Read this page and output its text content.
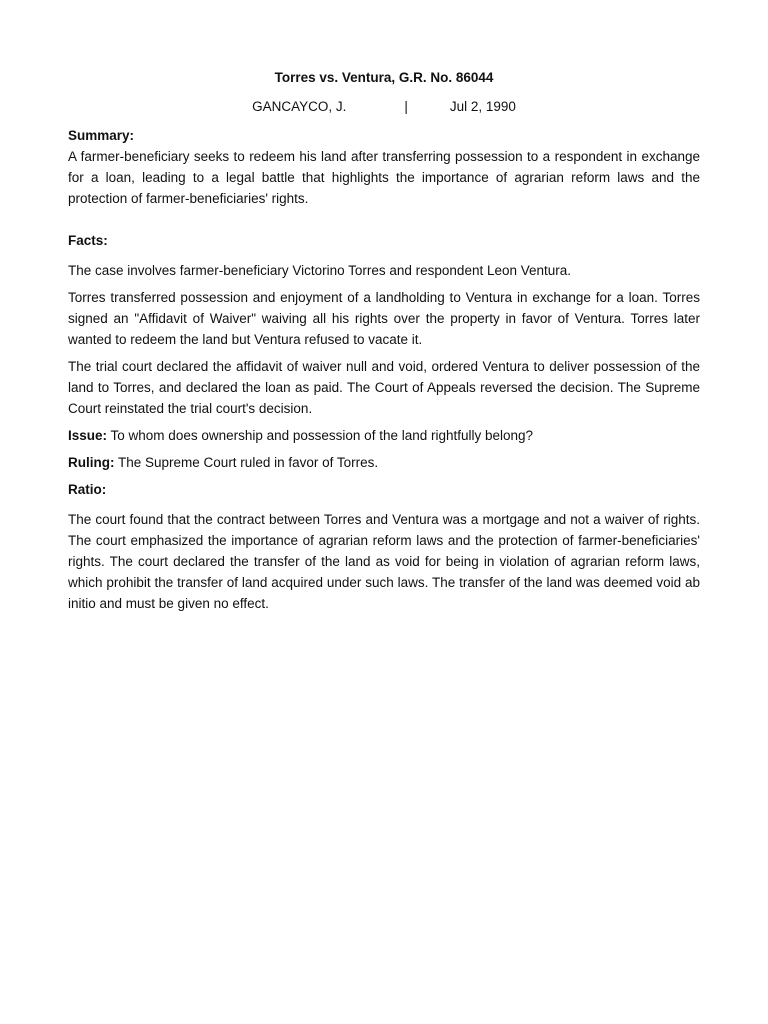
Torres vs. Ventura, G.R. No. 86044
GANCAYCO, J.	|	Jul 2, 1990
Summary:

A farmer-beneficiary seeks to redeem his land after transferring possession to a respondent in exchange for a loan, leading to a legal battle that highlights the importance of agrarian reform laws and the protection of farmer-beneficiaries' rights.

Facts:

The case involves farmer-beneficiary Victorino Torres and respondent Leon Ventura.

Torres transferred possession and enjoyment of a landholding to Ventura in exchange for a loan. Torres signed an "Affidavit of Waiver" waiving all his rights over the property in favor of Ventura. Torres later wanted to redeem the land but Ventura refused to vacate it.

The trial court declared the affidavit of waiver null and void, ordered Ventura to deliver possession of the land to Torres, and declared the loan as paid. The Court of Appeals reversed the decision. The Supreme Court reinstated the trial court's decision.

Issue: To whom does ownership and possession of the land rightfully belong?

Ruling: The Supreme Court ruled in favor of Torres.

Ratio:

The court found that the contract between Torres and Ventura was a mortgage and not a waiver of rights. The court emphasized the importance of agrarian reform laws and the protection of farmer-beneficiaries' rights. The court declared the transfer of the land as void for being in violation of agrarian reform laws, which prohibit the transfer of land acquired under such laws. The transfer of the land was deemed void ab initio and must be given no effect.
